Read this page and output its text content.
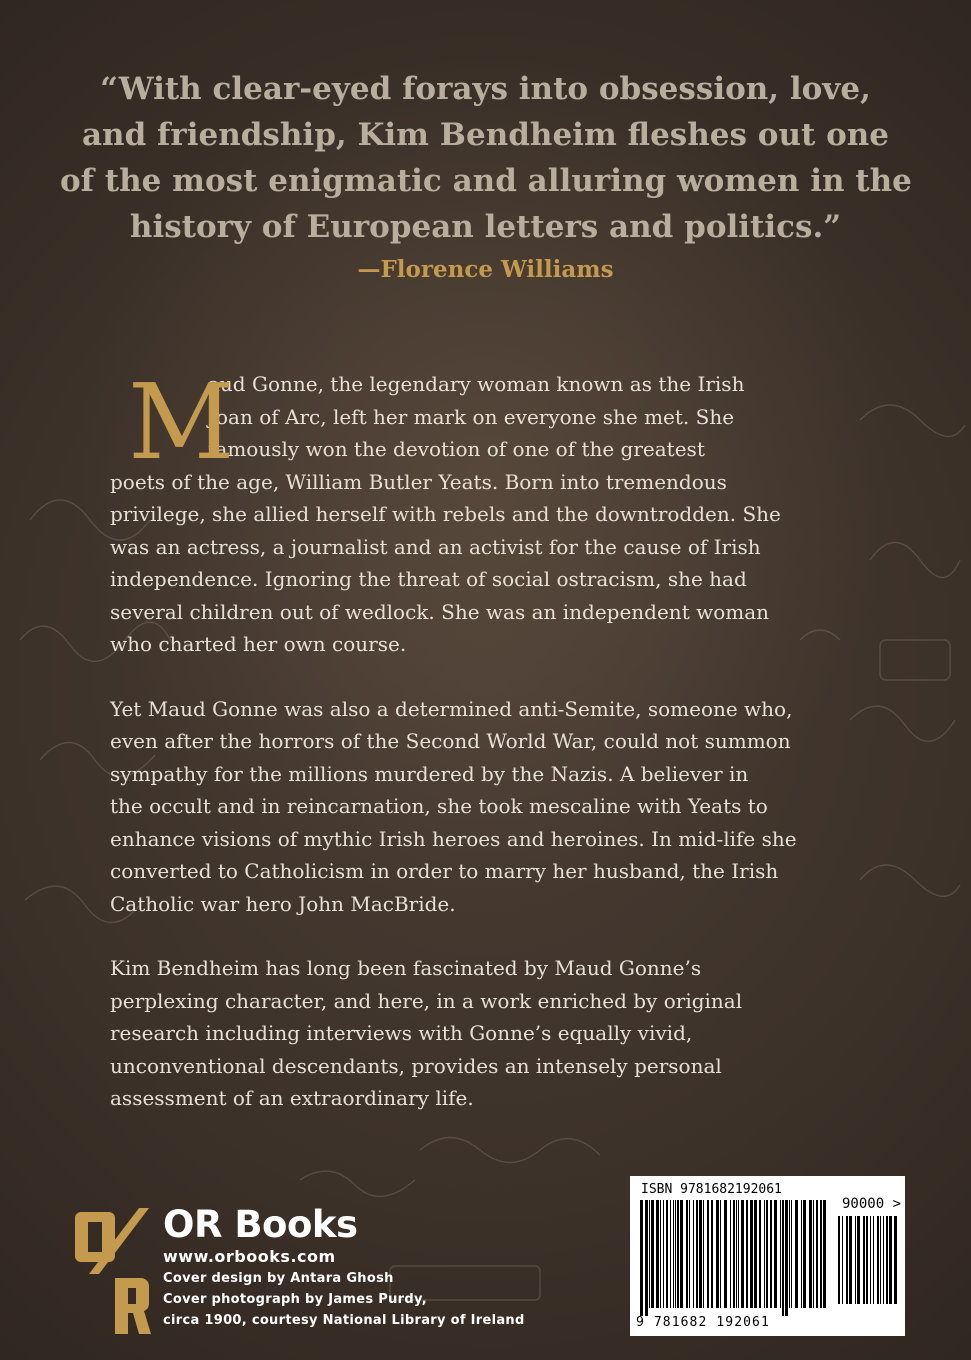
“With clear-eyed forays into obsession, love,

and friendship, Kim Bendheim fleshes out one

of the most enigmatic and alluring women in the

history of European letters and politics.”

—Florence Williams
M
aud Gonne, the legendary woman known as the Irish
Joan of Arc, left her mark on everyone she met. She
famously won the devotion of one of the greatest
poets of the age, William Butler Yeats. Born into tremendous
privilege, she allied herself with rebels and the downtrodden. She
was an actress, a journalist and an activist for the cause of Irish
independence. Ignoring the threat of social ostracism, she had
several children out of wedlock. She was an independent woman
who charted her own course.
Yet Maud Gonne was also a determined anti-Semite, someone who,
even after the horrors of the Second World War, could not summon
sympathy for the millions murdered by the Nazis. A believer in
the occult and in reincarnation, she took mescaline with Yeats to
enhance visions of mythic Irish heroes and heroines. In mid-life she
converted to Catholicism in order to marry her husband, the Irish
Catholic war hero John MacBride.
Kim Bendheim has long been fascinated by Maud Gonne’s
perplexing character, and here, in a work enriched by original
research including interviews with Gonne’s equally vivid,
unconventional descendants, provides an intensely personal
assessment of an extraordinary life.
OR Books
www.orbooks.com
Cover design by Antara Ghosh
Cover photograph by James Purdy,
circa 1900, courtesy National Library of Ireland
ISBN 9781682192061
90000 >
9 781682 192061
